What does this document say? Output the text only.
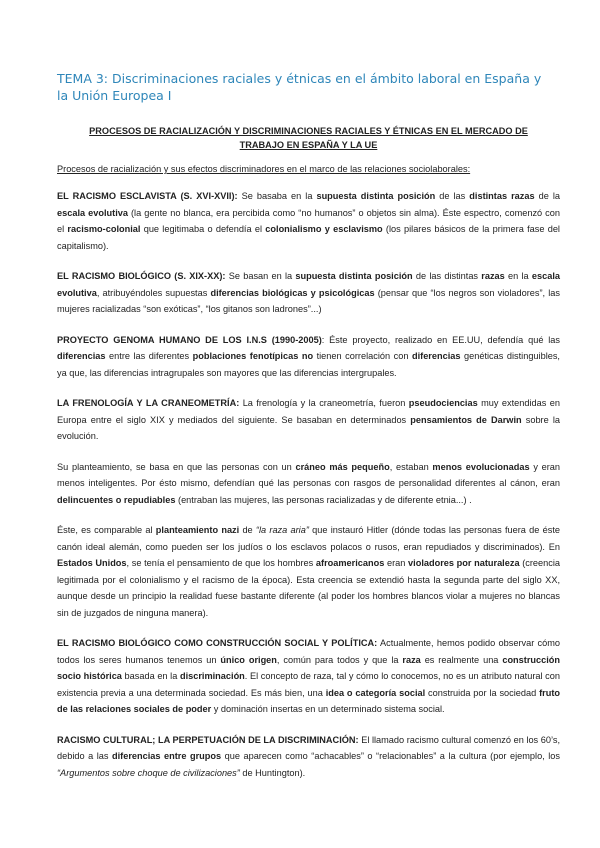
TEMA 3: Discriminaciones raciales y étnicas en el ámbito laboral en España y la Unión Europea I
PROCESOS DE RACIALIZACIÓN Y DISCRIMINACIONES RACIALES Y ÉTNICAS EN EL MERCADO DE TRABAJO EN ESPAÑA Y LA UE
Procesos de racialización y sus efectos discriminadores en el marco de las relaciones sociolaborales:

EL RACISMO ESCLAVISTA (S. XVI-XVII): Se basaba en la supuesta distinta posición de las distintas razas de la escala evolutiva (la gente no blanca, era percibida como “no humanos” o objetos sin alma). Éste espectro, comenzó con el racismo-colonial que legitimaba o defendía el colonialismo y esclavismo (los pilares básicos de la primera fase del capitalismo).

EL RACISMO BIOLÓGICO (S. XIX-XX): Se basan en la supuesta distinta posición de las distintas razas en la escala evolutiva, atribuyéndoles supuestas diferencias biológicas y psicológicas (pensar que “los negros son violadores”, las mujeres racializadas “son exóticas”, “los gitanos son ladrones”...)

PROYECTO GENOMA HUMANO DE LOS I.N.S (1990-2005): Éste proyecto, realizado en EE.UU, defendía qué las diferencias entre las diferentes poblaciones fenotípicas no tienen correlación con diferencias genéticas distinguibles, ya que, las diferencias intragrupales son mayores que las diferencias intergrupales.

LA FRENOLOGÍA Y LA CRANEOMETRÍA: La frenología y la craneometría, fueron pseudociencias muy extendidas en Europa entre el siglo XIX y mediados del siguiente. Se basaban en determinados pensamientos de Darwin sobre la evolución.

Su planteamiento, se basa en que las personas con un cráneo más pequeño, estaban menos evolucionadas y eran menos inteligentes. Por ésto mismo, defendían qué las personas con rasgos de personalidad diferentes al cánon, eran delincuentes o repudiables (entraban las mujeres, las personas racializadas y de diferente etnia...) .

Éste, es comparable al planteamiento nazi de “la raza aria” que instauró Hitler (dónde todas las personas fuera de éste canón ideal alemán, como pueden ser los judíos o los esclavos polacos o rusos, eran repudiados y discriminados). En Estados Unidos, se tenía el pensamiento de que los hombres afroamericanos eran violadores por naturaleza (creencia legitimada por el colonialismo y el racismo de la época). Esta creencia se extendió hasta la segunda parte del siglo XX, aunque desde un principio la realidad fuese bastante diferente (al poder los hombres blancos violar a mujeres no blancas sin de juzgados de ninguna manera).

EL RACISMO BIOLÓGICO COMO CONSTRUCCIÓN SOCIAL Y POLÍTICA: Actualmente, hemos podido observar cómo todos los seres humanos tenemos un único origen, común para todos y que la raza es realmente una construcción socio histórica basada en la discriminación. El concepto de raza, tal y cómo lo conocemos, no es un atributo natural con existencia previa a una determinada sociedad. Es más bien, una idea o categoría social construida por la sociedad fruto de las relaciones sociales de poder y dominación insertas en un determinado sistema social.

RACISMO CULTURAL; LA PERPETUACIÓN DE LA DISCRIMINACIÓN: El llamado racismo cultural comenzó en los 60’s, debido a las diferencias entre grupos que aparecen como “achacables” o “relacionables” a la cultura (por ejemplo, los “Argumentos sobre choque de civilizaciones” de Huntington).
